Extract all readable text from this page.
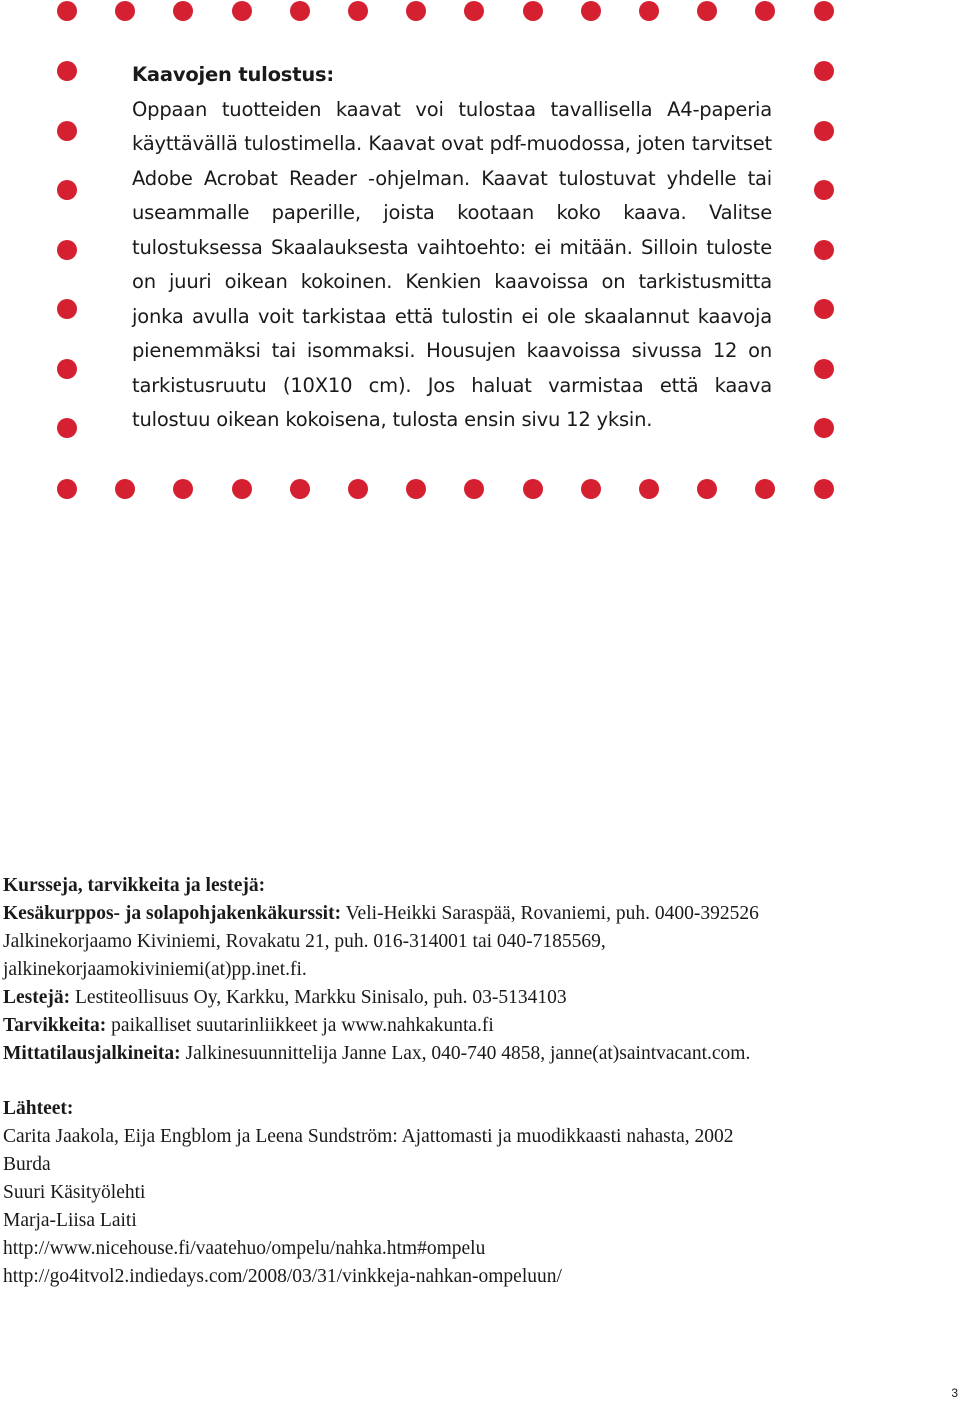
Kaavojen tulostus:
Oppaan tuotteiden kaavat voi tulostaa tavallisella A4-paperia käyttävällä tulostimella. Kaavat ovat pdf-muodossa, joten tarvitset Adobe Acrobat Reader -ohjelman. Kaavat tulostuvat yhdelle tai useammalle paperille, joista kootaan koko kaava. Valitse tulostuksessa Skaalauksesta vaihtoehto: ei mitään. Silloin tuloste on juuri oikean kokoinen. Kenkien kaavoissa on tarkistusmitta jonka avulla voit tarkistaa että tulostin ei ole skaalannut kaavoja pienemmäksi tai isommaksi. Housujen kaavoissa sivussa 12 on tarkistusruutu (10X10 cm). Jos haluat varmistaa että kaava tulostuu oikean kokoisena, tulosta ensin sivu 12 yksin.
Kursseja, tarvikkeita ja lestejä:
Kesäkurppos- ja solapohjakenkäkurssit: Veli-Heikki Saraspää, Rovaniemi, puh. 0400-392526
Jalkinekorjaamo Kiviniemi, Rovakatu 21, puh. 016-314001 tai 040-7185569,
jalkinekorjaamokiviniemi(at)pp.inet.fi.
Lestejä: Lestiteollisuus Oy, Karkku, Markku Sinisalo, puh. 03-5134103
Tarvikkeita: paikalliset suutarinliikkeet ja www.nahkakunta.fi
Mittatilausjalkineita: Jalkinesuunnittelija Janne Lax, 040-740 4858, janne(at)saintvacant.com.
Lähteet:
Carita Jaakola, Eija Engblom ja Leena Sundström: Ajattomasti ja muodikkaasti nahasta, 2002
Burda
Suuri Käsityölehti
Marja-Liisa Laiti
http://www.nicehouse.fi/vaatehuo/ompelu/nahka.htm#ompelu
http://go4itvol2.indiedays.com/2008/03/31/vinkkeja-nahkan-ompeluun/
3
